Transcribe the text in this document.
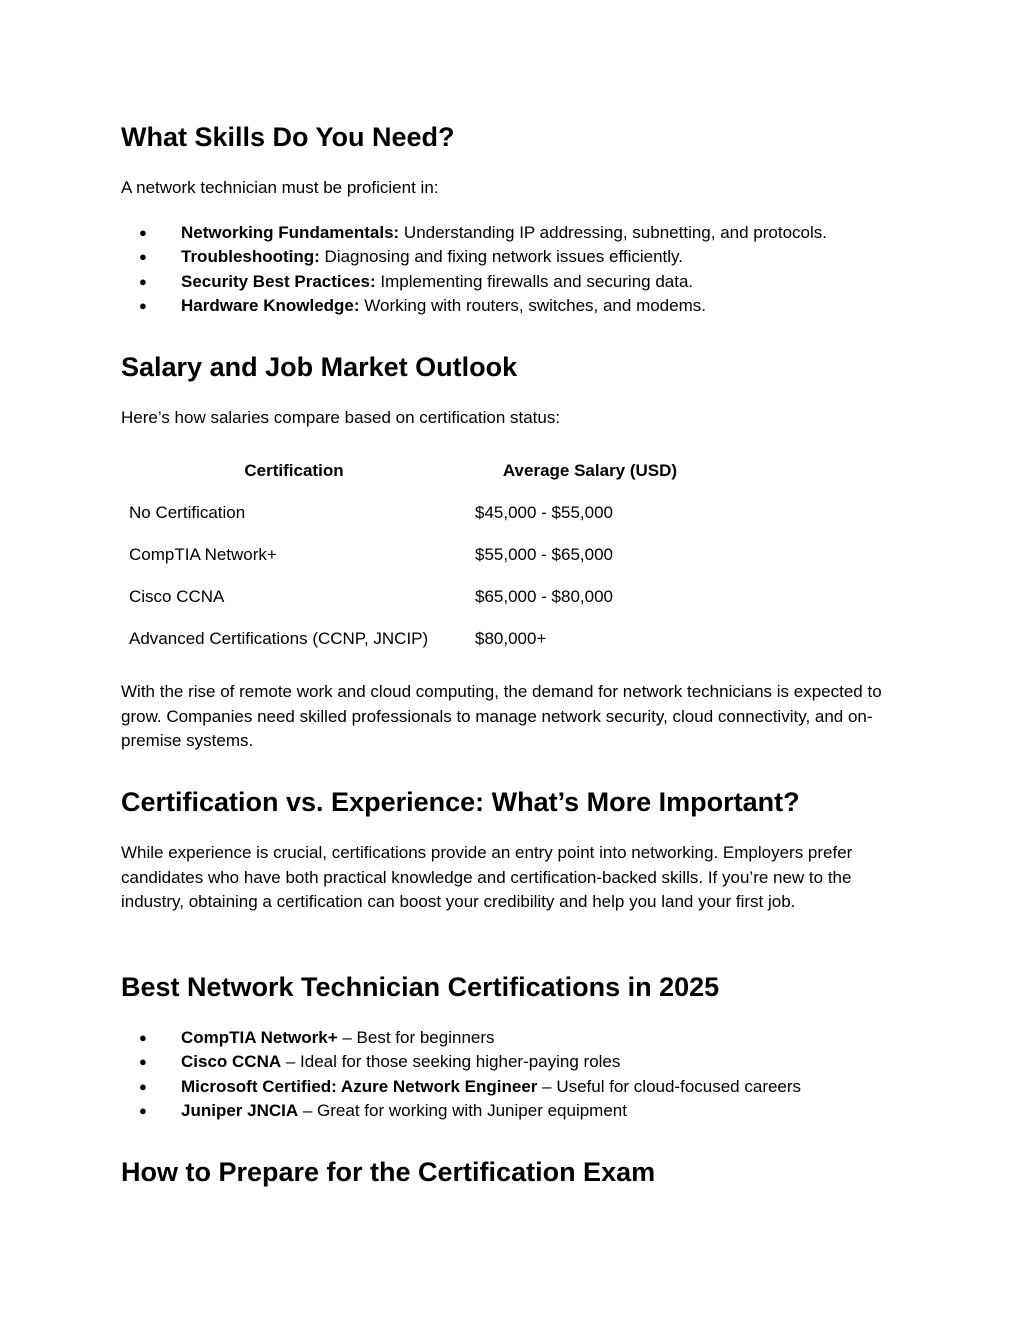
What Skills Do You Need?

A network technician must be proficient in:

● Networking Fundamentals: Understanding IP addressing, subnetting, and protocols.
● Troubleshooting: Diagnosing and fixing network issues efficiently.
● Security Best Practices: Implementing firewalls and securing data.
● Hardware Knowledge: Working with routers, switches, and modems.
Salary and Job Market Outlook

Here’s how salaries compare based on certification status:

Certification	Average Salary (USD)
No Certification	$45,000 - $55,000
CompTIA Network+	$55,000 - $65,000
Cisco CCNA	$65,000 - $80,000
Advanced Certifications (CCNP, JNCIP)	$80,000+

With the rise of remote work and cloud computing, the demand for network technicians is expected to grow. Companies need skilled professionals to manage network security, cloud connectivity, and on-premise systems.

Certification vs. Experience: What’s More Important?

While experience is crucial, certifications provide an entry point into networking. Employers prefer candidates who have both practical knowledge and certification-backed skills. If you’re new to the industry, obtaining a certification can boost your credibility and help you land your first job.

Best Network Technician Certifications in 2025
● CompTIA Network+ – Best for beginners
● Cisco CCNA – Ideal for those seeking higher-paying roles
● Microsoft Certified: Azure Network Engineer – Useful for cloud-focused careers
● Juniper JNCIA – Great for working with Juniper equipment
How to Prepare for the Certification Exam
